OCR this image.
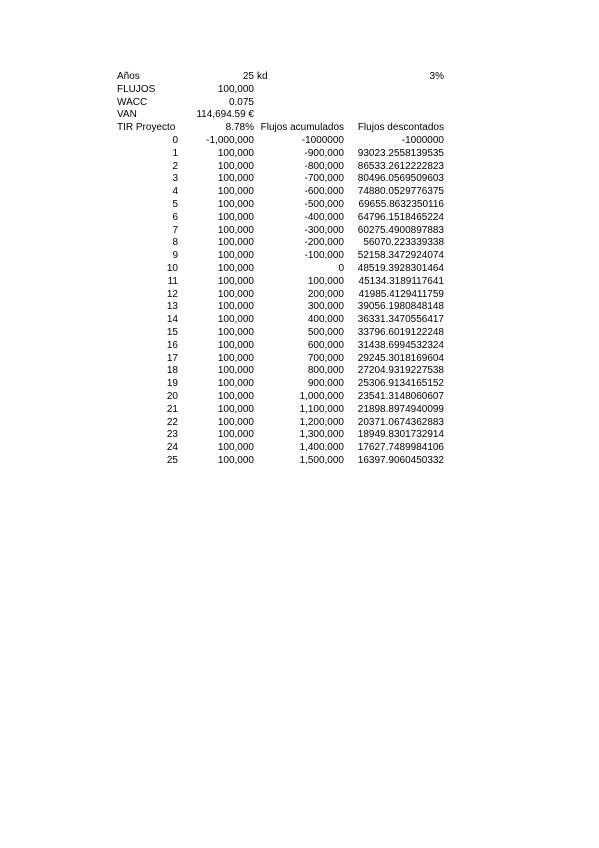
Años	25 kd	3%
FLUJOS	100,000
WACC	0.075
VAN	114,694.59 €
TIR Proyecto	8.78% Flujos acumulados	Flujos descontados
0	-1,000,000	-1000000	-1000000
1	100,000	-900,000	93023.2558139535
2	100,000	-800,000	86533.2612222823
3	100,000	-700,000	80496.0569509603
4	100,000	-600,000	74880.0529776375
5	100,000	-500,000	69655.8632350116
6	100,000	-400,000	64796.1518465224
7	100,000	-300,000	60275.4900897883
8	100,000	-200,000	56070.223339338
9	100,000	-100,000	52158.3472924074
10	100,000	0	48519.3928301464
11	100,000	100,000	45134.3189117641
12	100,000	200,000	41985.4129411759
13	100,000	300,000	39056.1980848148
14	100,000	400,000	36331.3470556417
15	100,000	500,000	33796.6019122248
16	100,000	600,000	31438.6994532324
17	100,000	700,000	29245.3018169604
18	100,000	800,000	27204.9319227538
19	100,000	900,000	25306.9134165152
20	100,000	1,000,000	23541.3148060607
21	100,000	1,100,000	21898.8974940099
22	100,000	1,200,000	20371.0674362883
23	100,000	1,300,000	18949.8301732914
24	100,000	1,400,000	17627.7489984106
25	100,000	1,500,000	16397.9060450332
